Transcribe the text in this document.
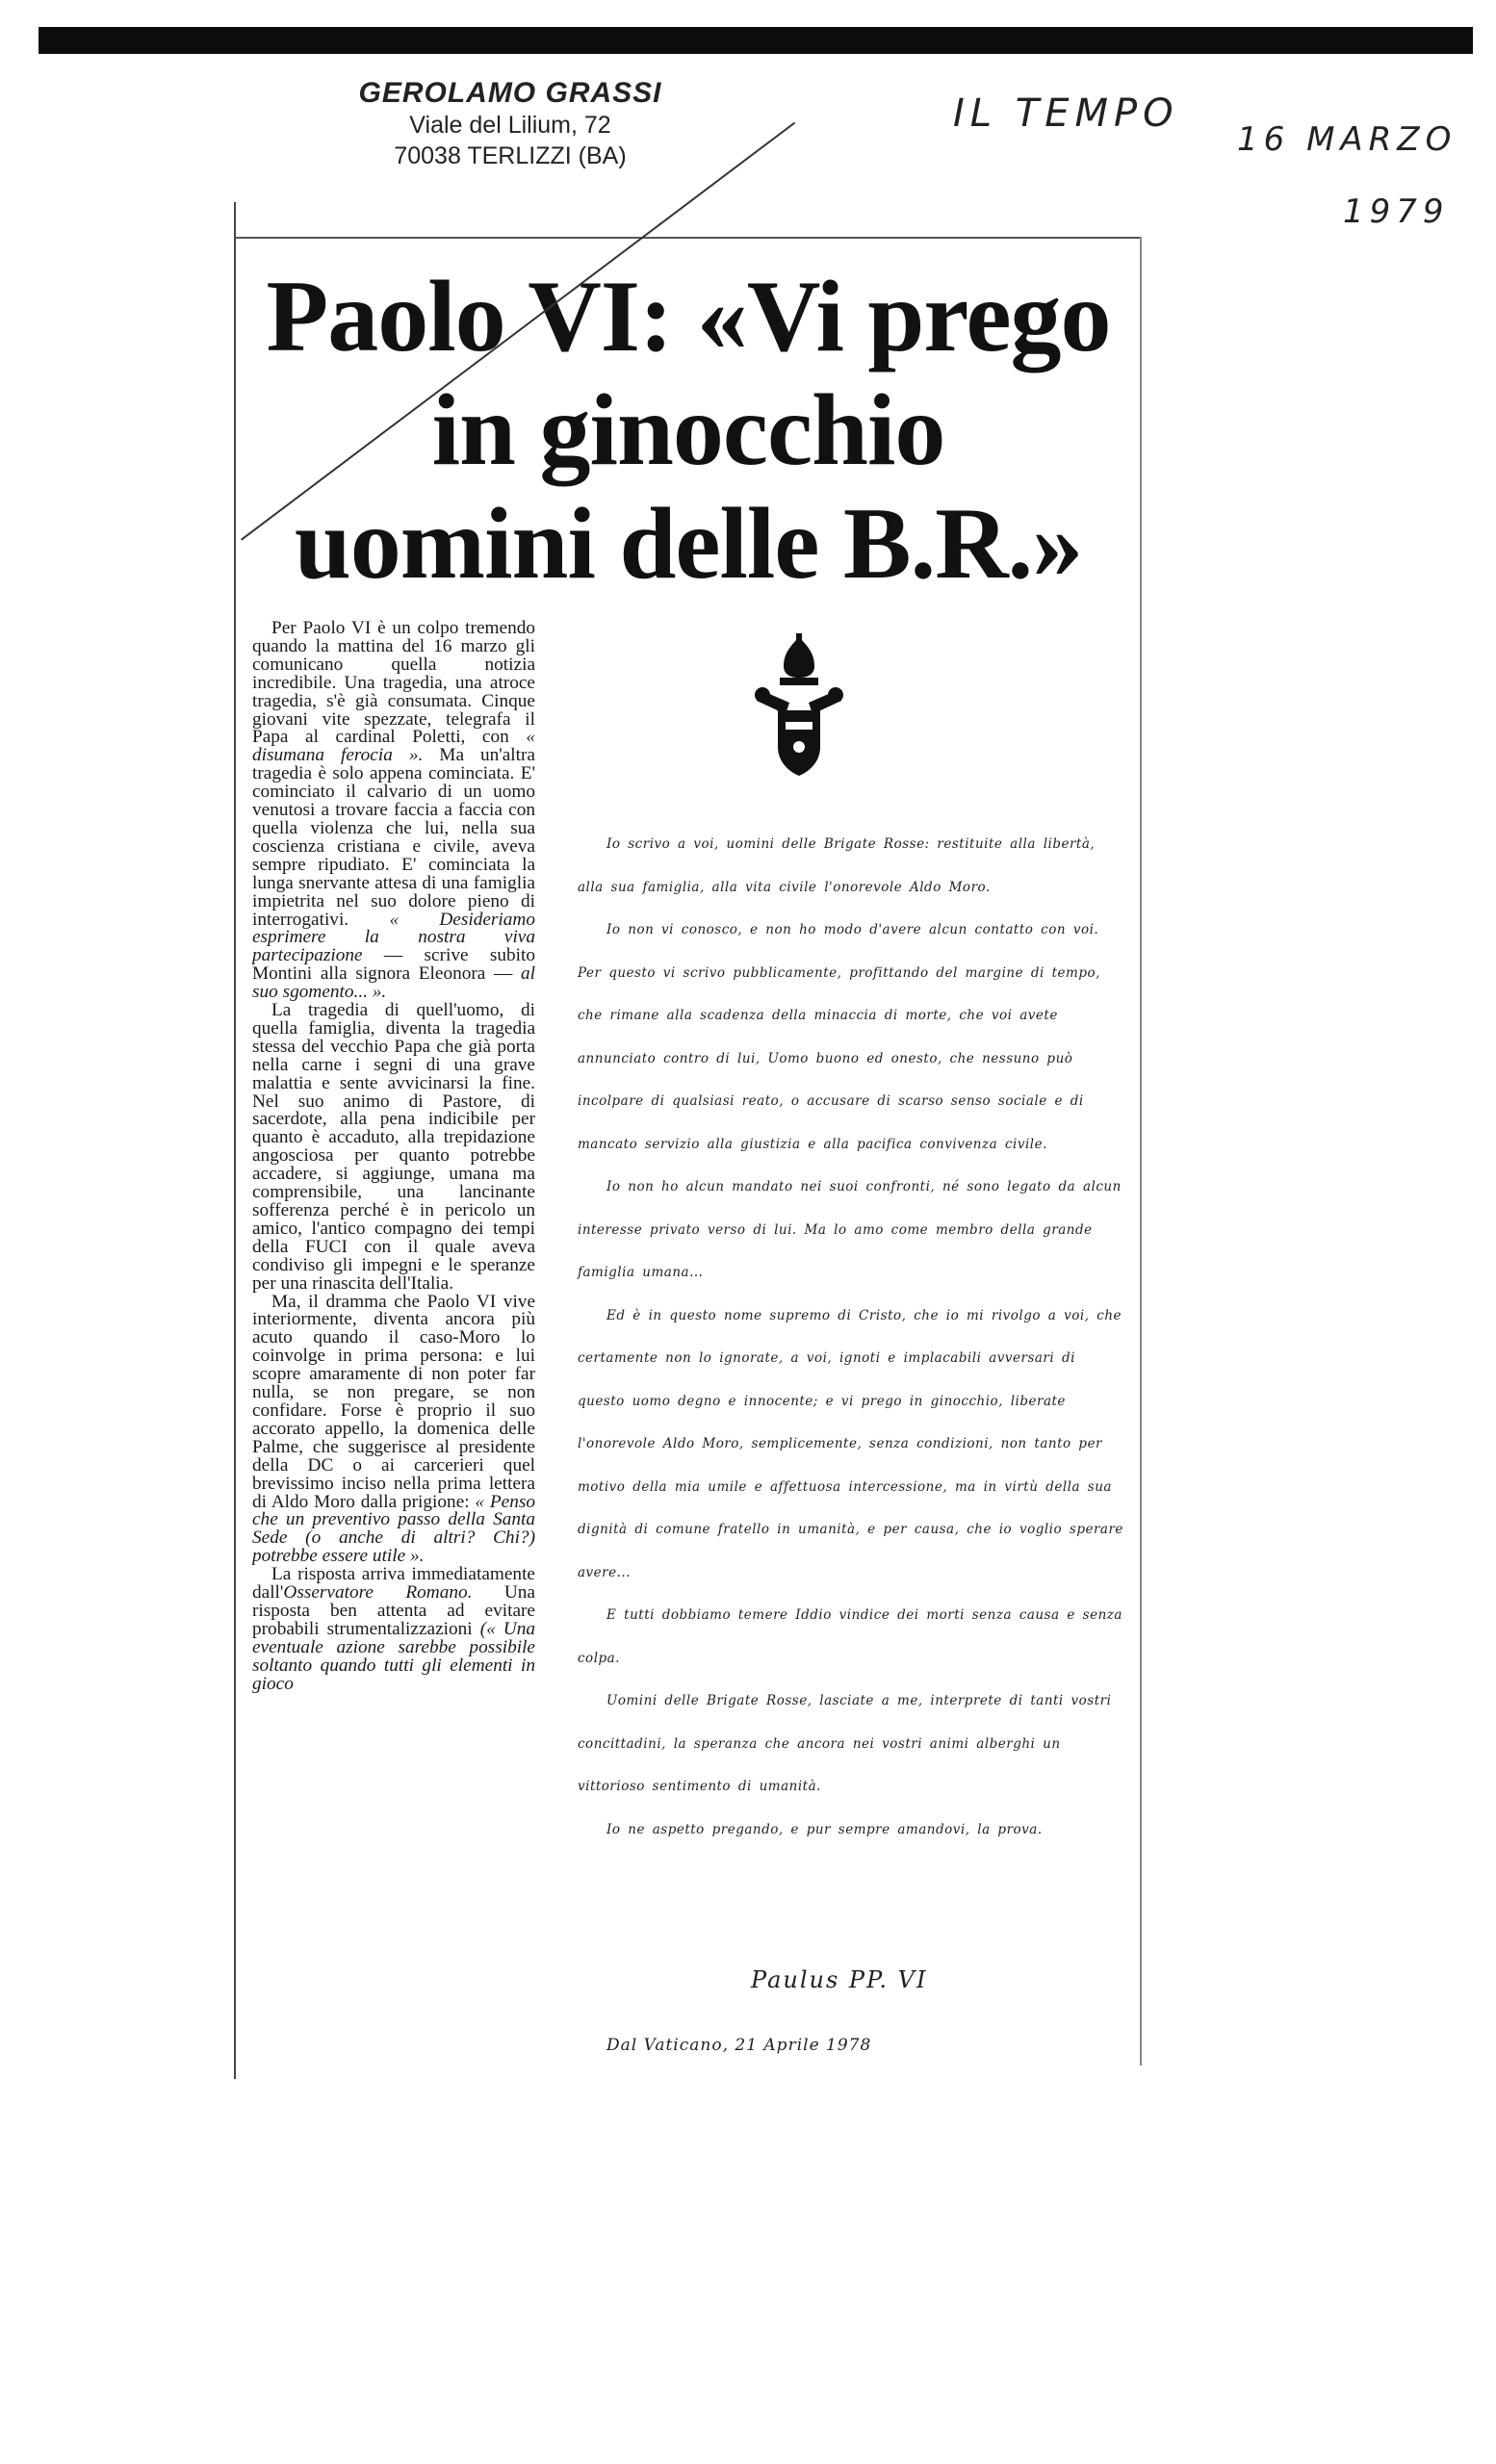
GEROLAMO GRASSI
Viale del Lilium, 72
70038 TERLIZZI (BA)
IL TEMPO
16 MARZO
1979
Paolo VI: «Vi prego
in ginocchio
uomini delle B.R.»

Per Paolo VI è un colpo tremendo quando la mattina del 16 marzo gli comunicano quella notizia incredibile. Una tragedia, una atroce tragedia, s'è già consumata. Cinque giovani vite spezzate, telegrafa il Papa al cardinal Poletti, con « disumana ferocia ». Ma un'altra tragedia è solo appena cominciata. E' cominciato il calvario di un uomo venutosi a trovare faccia a faccia con quella violenza che lui, nella sua coscienza cristiana e civile, aveva sempre ripudiato. E' cominciata la lunga snervante attesa di una famiglia impietrita nel suo dolore pieno di interrogativi. « Desideriamo esprimere la nostra viva partecipazione — scrive subito Montini alla signora Eleonora — al suo sgomento... ».

La tragedia di quell'uomo, di quella famiglia, diventa la tragedia stessa del vecchio Papa che già porta nella carne i segni di una grave malattia e sente avvicinarsi la fine. Nel suo animo di Pastore, di sacerdote, alla pena indicibile per quanto è accaduto, alla trepidazione angosciosa per quanto potrebbe accadere, si aggiunge, umana ma comprensibile, una lancinante sofferenza perché è in pericolo un amico, l'antico compagno dei tempi della FUCI con il quale aveva condiviso gli impegni e le speranze per una rinascita dell'Italia.

Ma, il dramma che Paolo VI vive interiormente, diventa ancora più acuto quando il caso-Moro lo coinvolge in prima persona: e lui scopre amaramente di non poter far nulla, se non pregare, se non confidare. Forse è proprio il suo accorato appello, la domenica delle Palme, che suggerisce al presidente della DC o ai carcerieri quel brevissimo inciso nella prima lettera di Aldo Moro dalla prigione: « Penso che un preventivo passo della Santa Sede (o anche di altri? Chi?) potrebbe essere utile ».

La risposta arriva immediatamente dall'Osservatore Romano. Una risposta ben attenta ad evitare probabili strumentalizzazioni (« Una eventuale azione sarebbe possibile soltanto quando tutti gli elementi in gioco

Io scrivo a voi, uomini delle Brigate Rosse: restituite alla libertà, alla sua famiglia, alla vita civile l'onorevole Aldo Moro.

Io non vi conosco, e non ho modo d'avere alcun contatto con voi. Per questo vi scrivo pubblicamente, profittando del margine di tempo, che rimane alla scadenza della minaccia di morte, che voi avete annunciato contro di lui, Uomo buono ed onesto, che nessuno può incolpare di qualsiasi reato, o accusare di scarso senso sociale e di mancato servizio alla giustizia e alla pacifica convivenza civile.

Io non ho alcun mandato nei suoi confronti, né sono legato da alcun interesse privato verso di lui. Ma lo amo come membro della grande famiglia umana...

Ed è in questo nome supremo di Cristo, che io mi rivolgo a voi, che certamente non lo ignorate, a voi, ignoti e implacabili avversari di questo uomo degno e innocente; e vi prego in ginocchio, liberate l'onorevole Aldo Moro, semplicemente, senza condizioni, non tanto per motivo della mia umile e affettuosa intercessione, ma in virtù della sua dignità di comune fratello in umanità, e per causa, che io voglio sperare avere...

E tutti dobbiamo temere Iddio vindice dei morti senza causa e senza colpa.

Uomini delle Brigate Rosse, lasciate a me, interprete di tanti vostri concittadini, la speranza che ancora nei vostri animi alberghi un vittorioso sentimento di umanità.

Io ne aspetto pregando, e pur sempre amandovi, la prova.

Paulus PP. VI
Dal Vaticano, 21 Aprile 1978
